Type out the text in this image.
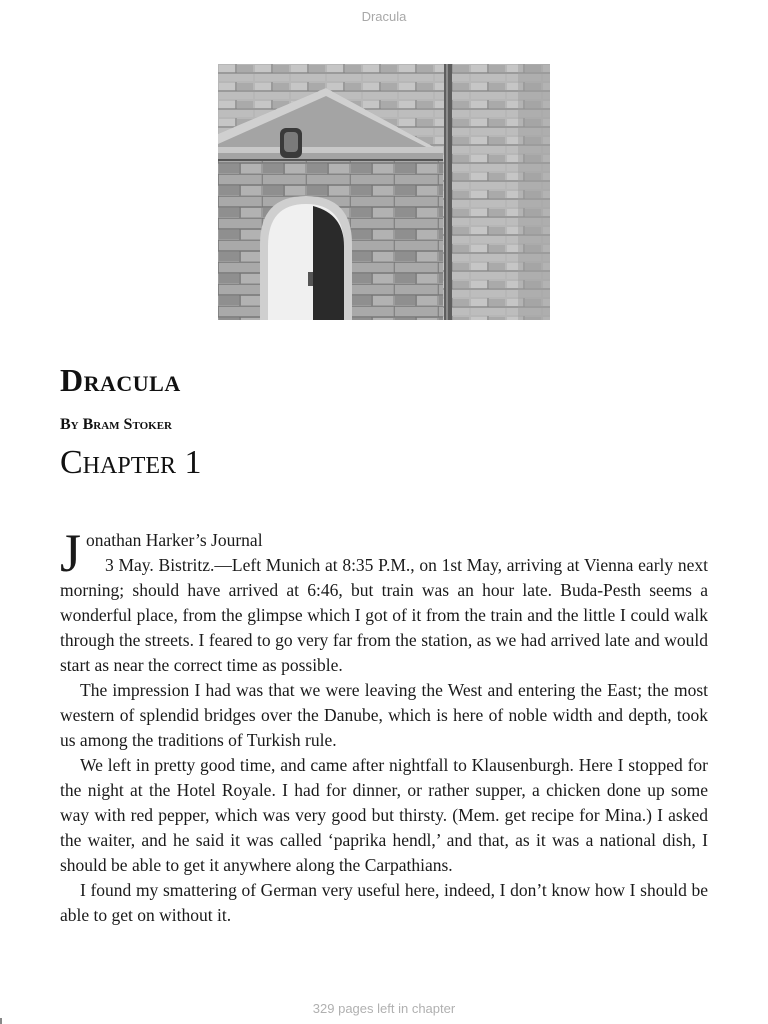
Dracula
Dracula
By Bram Stoker
Chapter 1
J onathan Harker’s Journal

3 May. Bistritz.—Left Munich at 8:35 P.M., on 1st May, arriving at Vienna early next morning; should have arrived at 6:46, but train was an hour late. Buda-Pesth seems a wonderful place, from the glimpse which I got of it from the train and the little I could walk through the streets. I feared to go very far from the station, as we had arrived late and would start as near the correct time as possible.

The impression I had was that we were leaving the West and entering the East; the most western of splendid bridges over the Danube, which is here of noble width and depth, took us among the traditions of Turkish rule.

We left in pretty good time, and came after nightfall to Klausenburgh. Here I stopped for the night at the Hotel Royale. I had for dinner, or rather supper, a chicken done up some way with red pepper, which was very good but thirsty. (Mem. get recipe for Mina.) I asked the waiter, and he said it was called ‘paprika hendl,’ and that, as it was a national dish, I should be able to get it anywhere along the Carpathians.

I found my smattering of German very useful here, indeed, I don’t know how I should be able to get on without it.

329 pages left in chapter
